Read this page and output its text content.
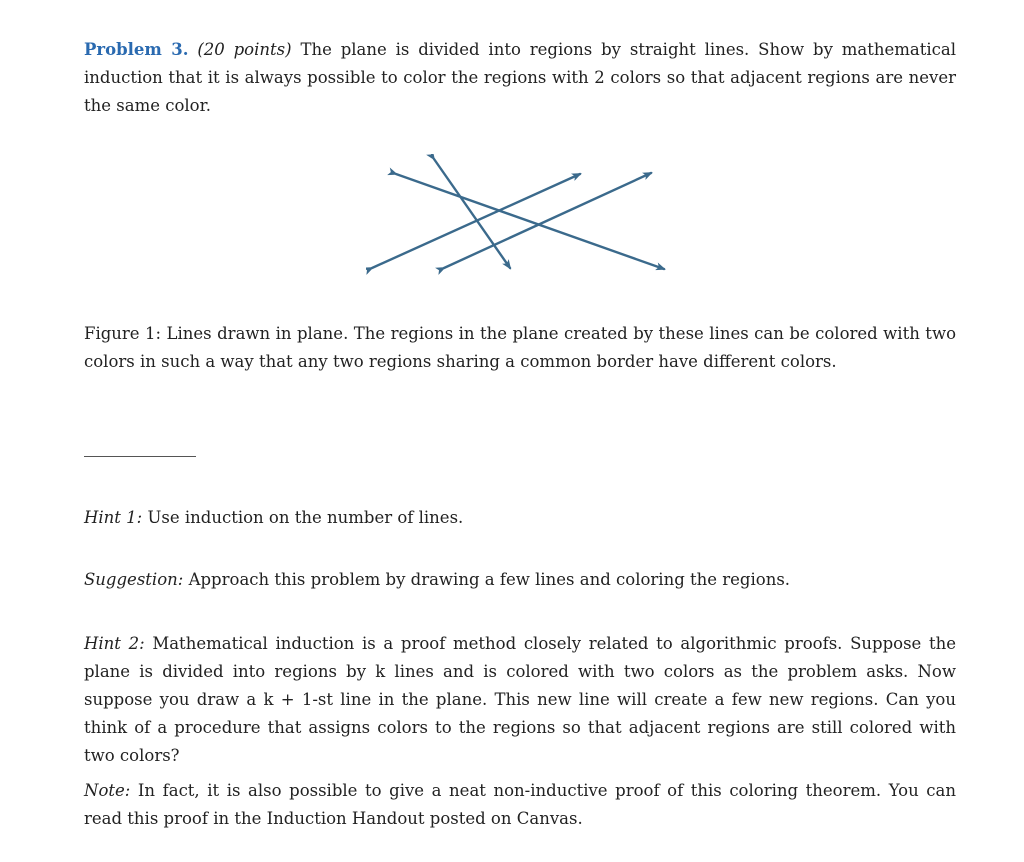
Problem 3. (20 points) The plane is divided into regions by straight lines. Show by mathematical induction that it is always possible to color the regions with 2 colors so that adjacent regions are never the same color.

Figure 1: Lines drawn in plane. The regions in the plane created by these lines can be colored with two colors in such a way that any two regions sharing a common border have different colors.

Hint 1: Use induction on the number of lines.

Suggestion: Approach this problem by drawing a few lines and coloring the regions.

Hint 2: Mathematical induction is a proof method closely related to algorithmic proofs. Suppose the plane is divided into regions by k lines and is colored with two colors as the problem asks. Now suppose you draw a k + 1-st line in the plane. This new line will create a few new regions. Can you think of a procedure that assigns colors to the regions so that adjacent regions are still colored with two colors?

Note: In fact, it is also possible to give a neat non-inductive proof of this coloring theorem. You can read this proof in the Induction Handout posted on Canvas.
